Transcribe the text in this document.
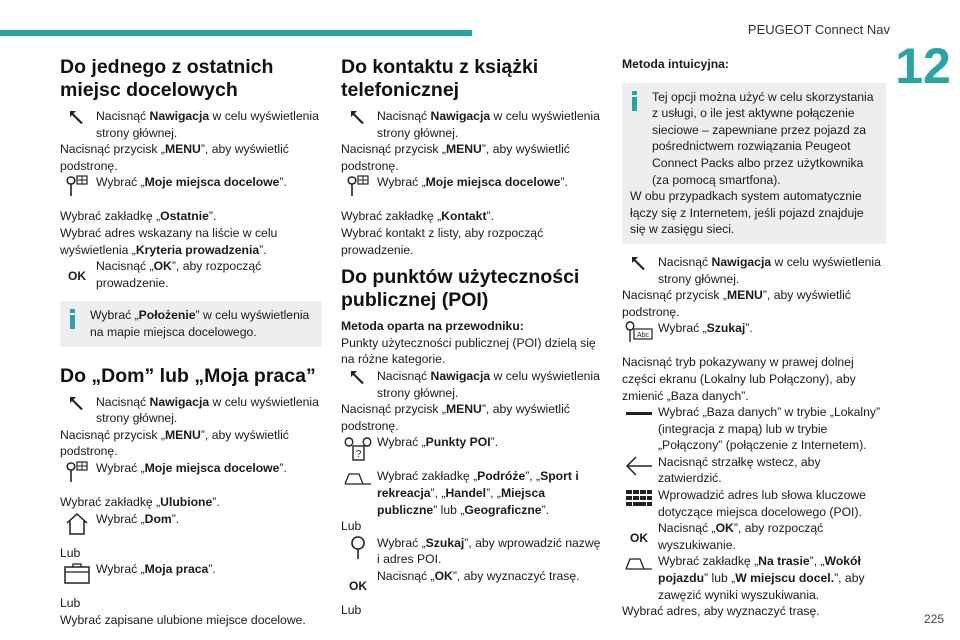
PEUGEOT Connect Nav
12
Do jednego z ostatnich miejsc docelowych

Nacisnąć Nawigacja w celu wyświetlenia strony głównej.

Nacisnąć przycisk „MENU”, aby wyświetlić podstronę.

Wybrać „Moje miejsca docelowe”.

Wybrać zakładkę „Ostatnie”.

Wybrać adres wskazany na liście w celu wyświetlenia „Kryteria prowadzenia”.

OK

Nacisnąć „OK”, aby rozpocząć prowadzenie.

Wybrać „Położenie” w celu wyświetlenia na mapie miejsca docelowego.

Do „Dom” lub „Moja praca”

Nacisnąć Nawigacja w celu wyświetlenia strony głównej.

Nacisnąć przycisk „MENU”, aby wyświetlić podstronę.

Wybrać „Moje miejsca docelowe”.

Wybrać zakładkę „Ulubione”.

Wybrać „Dom”.

Lub

Wybrać „Moja praca”.

Lub

Wybrać zapisane ulubione miejsce docelowe.

Do kontaktu z książki telefonicznej

Nacisnąć Nawigacja w celu wyświetlenia strony głównej.

Nacisnąć przycisk „MENU”, aby wyświetlić podstronę.

Wybrać „Moje miejsca docelowe”.

Wybrać zakładkę „Kontakt”.

Wybrać kontakt z listy, aby rozpocząć prowadzenie.

Do punktów użyteczności publicznej (POI)

Metoda oparta na przewodniku:

Punkty użyteczności publicznej (POI) dzielą się na różne kategorie.

Nacisnąć Nawigacja w celu wyświetlenia strony głównej.

Nacisnąć przycisk „MENU”, aby wyświetlić podstronę.

?

Wybrać „Punkty POI”.

Wybrać zakładkę „Podróże”, „Sport i rekreacja”, „Handel”, „Miejsca publiczne” lub „Geograficzne”.

Lub

Wybrać „Szukaj”, aby wprowadzić nazwę i adres POI.

OK

Nacisnąć „OK”, aby wyznaczyć trasę.

Lub

Metoda intuicyjna:

Tej opcji można użyć w celu skorzystania z usługi, o ile jest aktywne połączenie sieciowe – zapewniane przez pojazd za pośrednictwem rozwiązania Peugeot Connect Packs albo przez użytkownika (za pomocą smartfona).

W obu przypadkach system automatycznie łączy się z Internetem, jeśli pojazd znajduje się w zasięgu sieci.

Nacisnąć Nawigacja w celu wyświetlenia strony głównej.

Nacisnąć przycisk „MENU”, aby wyświetlić podstronę.

Abc

Wybrać „Szukaj”.

Nacisnąć tryb pokazywany w prawej dolnej części ekranu (Lokalny lub Połączony), aby zmienić „Baza danych”.

Wybrać „Baza danych” w trybie „Lokalny” (integracja z mapą) lub w trybie „Połączony” (połączenie z Internetem).

Nacisnąć strzałkę wstecz, aby zatwierdzić.

Wprowadzić adres lub słowa kluczowe dotyczące miejsca docelowego (POI).

OK

Nacisnąć „OK”, aby rozpocząć wyszukiwanie.

Wybrać zakładkę „Na trasie”, „Wokół pojazdu” lub „W miejscu docel.”, aby zawęzić wyniki wyszukiwania.

Wybrać adres, aby wyznaczyć trasę.

225
